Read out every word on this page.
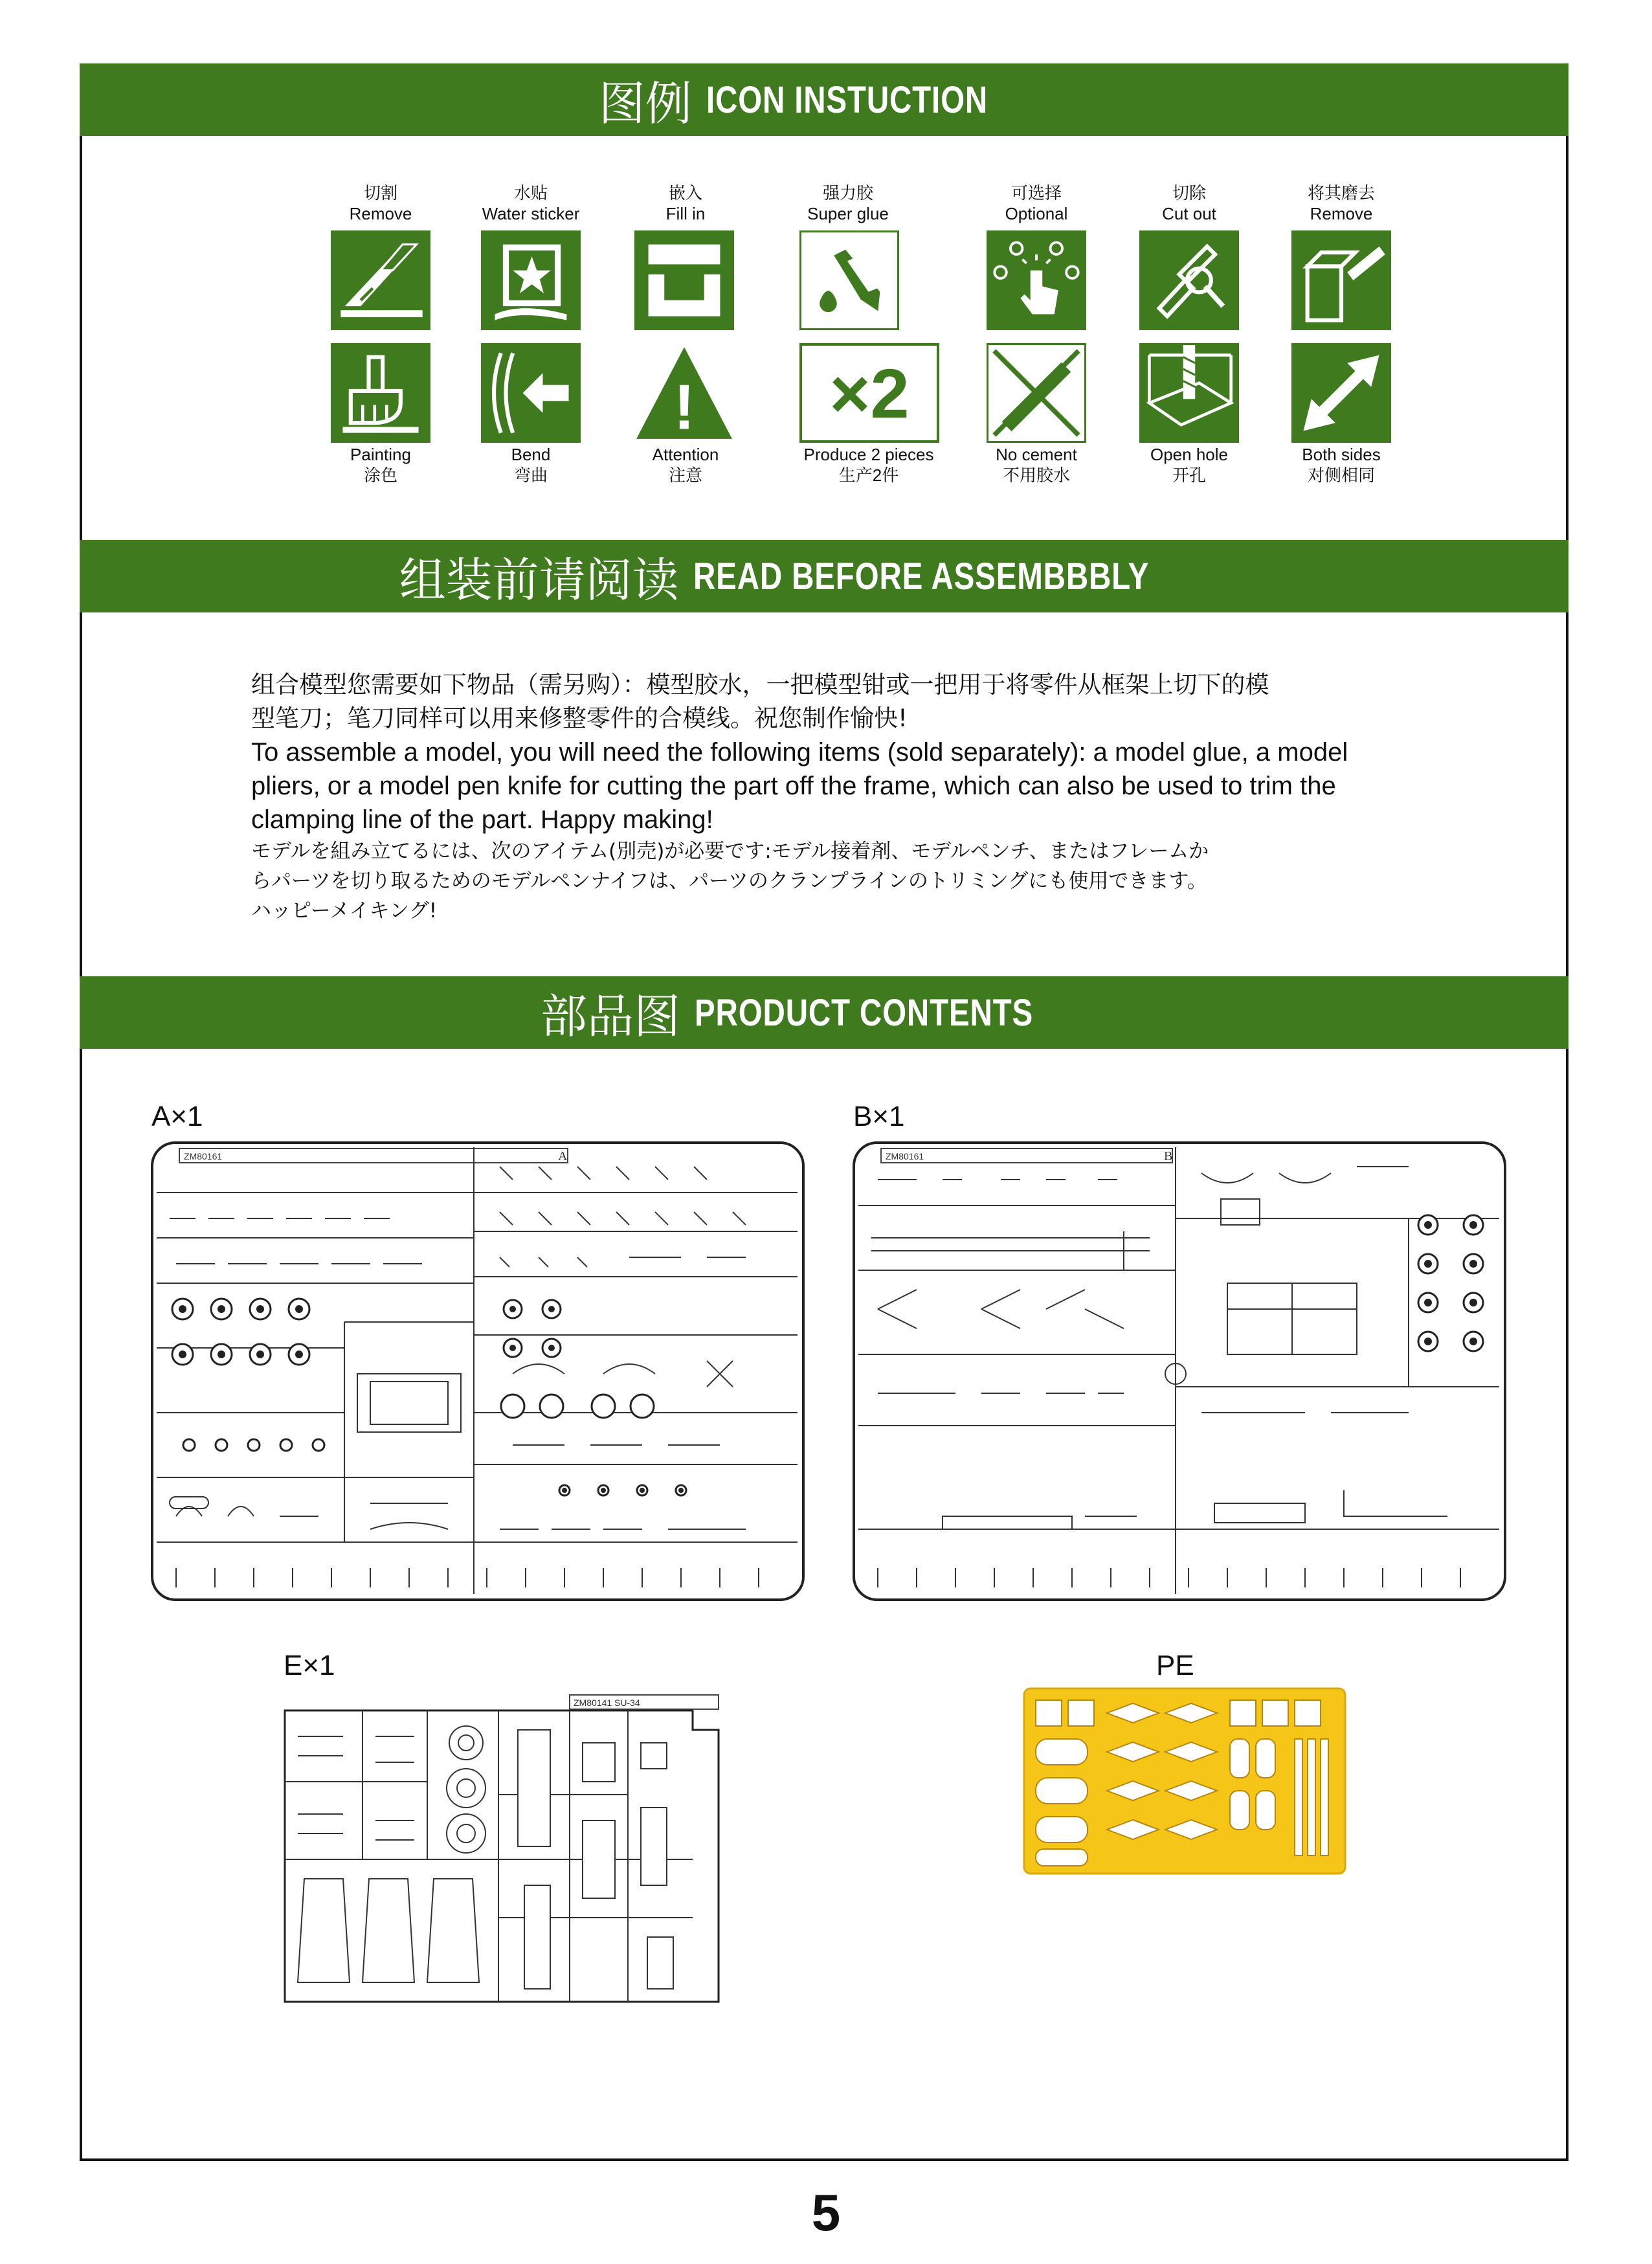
图例 ICON INSTUCTION
切割
Remove
水贴
Water sticker
嵌入
Fill in
强力胶
Super glue
可选择
Optional
切除
Cut out
将其磨去
Remove
Painting
涂色
Bend
弯曲
!
Attention
注意
×2
Produce 2 pieces
生产2件
No cement
不用胶水
Open hole
开孔
Both sides
对侧相同
组装前请阅读 READ BEFORE ASSEMBBBLY

组合模型您需要如下物品（需另购）：模型胶水，一把模型钳或一把用于将零件从框架上切下的模

型笔刀；笔刀同样可以用来修整零件的合模线。祝您制作愉快!

To assemble a model, you will need the following items (sold separately): a model glue, a model

pliers, or a model pen knife for cutting the part off the frame, which can also be used to trim the

clamping line of the part. Happy making!

モデルを組み立てるには、次のアイテム(別売)が必要です:モデル接着剤、モデルペンチ、またはフレームか

らパーツを切り取るためのモデルペンナイフは、パーツのクランプラインのトリミングにも使用できます。

ハッピーメイキング!

部品图 PRODUCT CONTENTS
A×1	B×1
E×1	PE
ZM80161	A	ZM80161	B
ZM80141 SU-34
5
